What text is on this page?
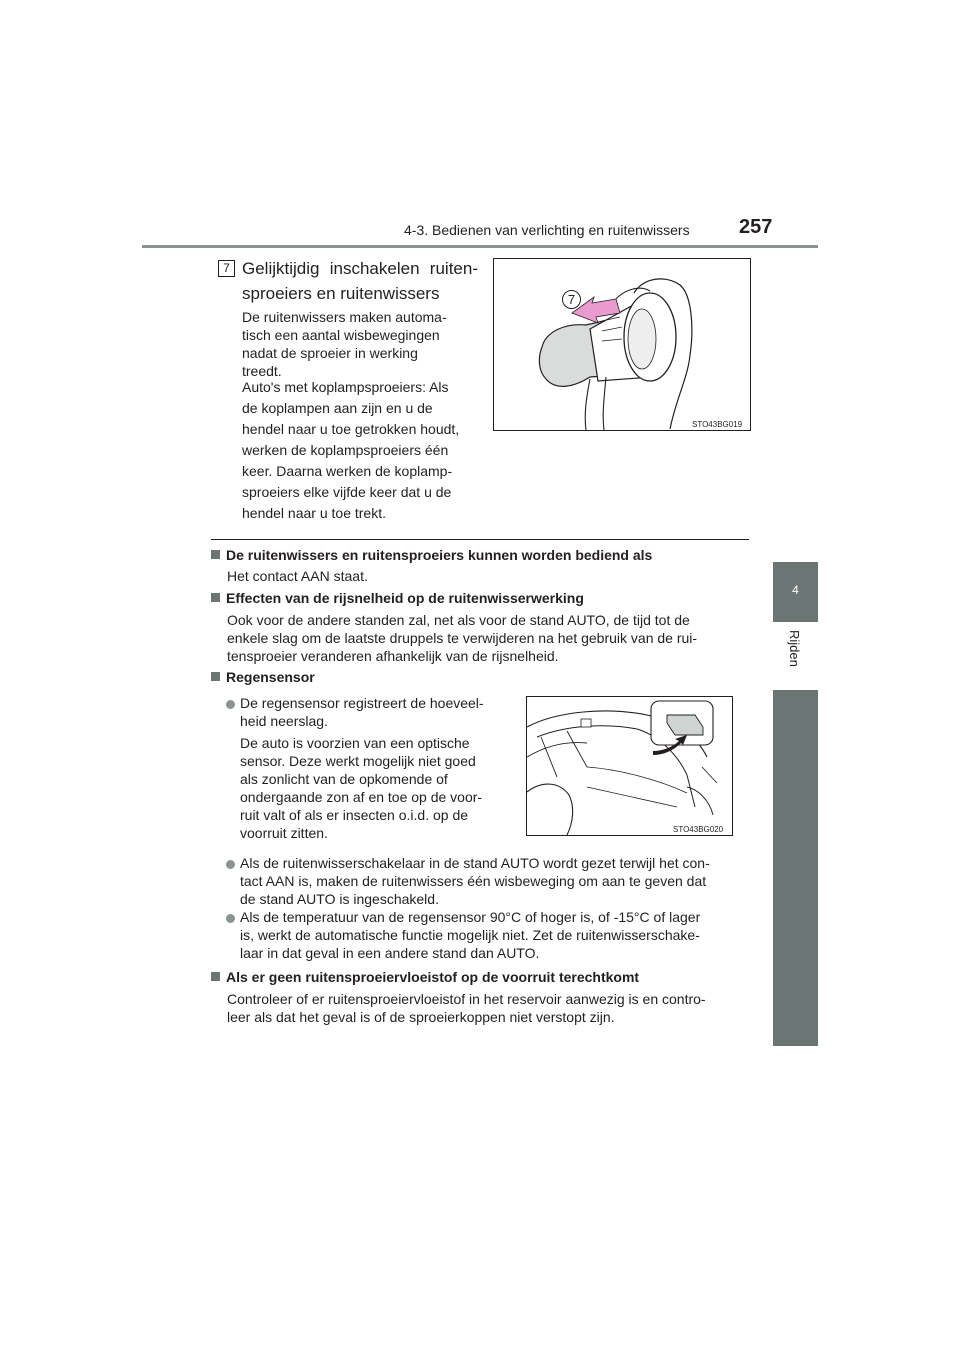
4-3. Bedienen van verlichting en ruitenwissers 257
4
Rijden
7 Gelijktijdig inschakelen ruiten-
sproeiers en ruitenwissers
De ruitenwissers maken automa-
tisch een aantal wisbewegingen
nadat de sproeier in werking
treedt.
Auto's met koplampsproeiers: Als
de koplampen aan zijn en u de
hendel naar u toe getrokken houdt,
werken de koplampsproeiers één
keer. Daarna werken de koplamp-
sproeiers elke vijfde keer dat u de
hendel naar u toe trekt.
7
STO43BG019
De ruitenwissers en ruitensproeiers kunnen worden bediend als
Het contact AAN staat.
Effecten van de rijsnelheid op de ruitenwisserwerking
Ook voor de andere standen zal, net als voor de stand AUTO, de tijd tot de
enkele slag om de laatste druppels te verwijderen na het gebruik van de rui-
tensproeier veranderen afhankelijk van de rijsnelheid.
Regensensor
De regensensor registreert de hoeveel-
heid neerslag.
De auto is voorzien van een optische
sensor. Deze werkt mogelijk niet goed
als zonlicht van de opkomende of
ondergaande zon af en toe op de voor-
ruit valt of als er insecten o.i.d. op de
voorruit zitten.	STO43BG020
Als de ruitenwisserschakelaar in de stand AUTO wordt gezet terwijl het con-
tact AAN is, maken de ruitenwissers één wisbeweging om aan te geven dat
de stand AUTO is ingeschakeld.
Als de temperatuur van de regensensor 90°C of hoger is, of -15°C of lager
is, werkt de automatische functie mogelijk niet. Zet de ruitenwisserschake-
laar in dat geval in een andere stand dan AUTO.
Als er geen ruitensproeiervloeistof op de voorruit terechtkomt
Controleer of er ruitensproeiervloeistof in het reservoir aanwezig is en contro-
leer als dat het geval is of de sproeierkoppen niet verstopt zijn.
